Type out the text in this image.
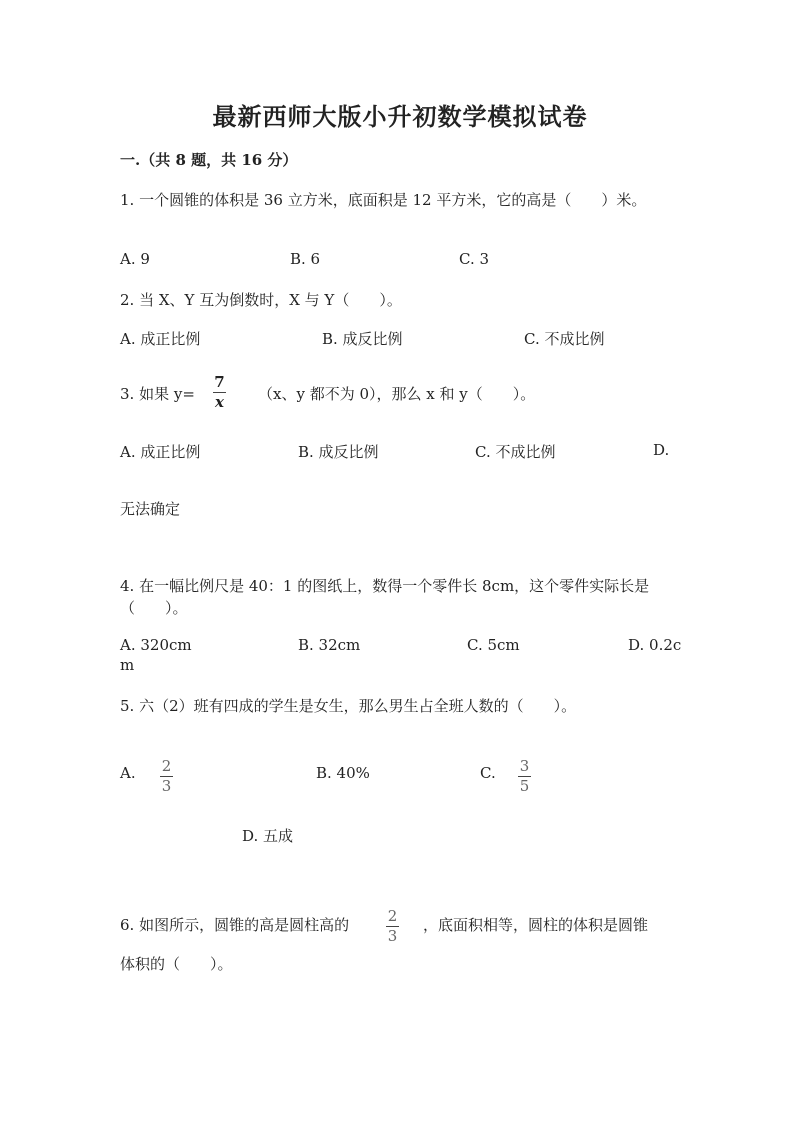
最新西师大版小升初数学模拟试卷
一.（共 8 题，共 16 分）
1. 一个圆锥的体积是 36 立方米，底面积是 12 平方米，它的高是（　　）米。
A. 9	B. 6	C. 3
2. 当 X、Y 互为倒数时，X 与 Y（　　）。
A. 成正比例	B. 成反比例	C. 不成比例
3. 如果 y=
7
x （x、y 都不为 0），那么 x 和 y（　　）。
A. 成正比例	B. 成反比例	C. 不成比例	D.
无法确定
4. 在一幅比例尺是 40：1 的图纸上，数得一个零件长 8cm，这个零件实际长是
（　　）。
A. 320cm	B. 32cm	C. 5cm	D. 0.2c
m
5. 六（2）班有四成的学生是女生，那么男生占全班人数的（　　）。
A. 2
3
B. 40%	C. 3
5
D. 五成
6. 如图所示，圆锥的高是圆柱高的	2
3
，底面积相等，圆柱的体积是圆锥
体积的（　　）。
